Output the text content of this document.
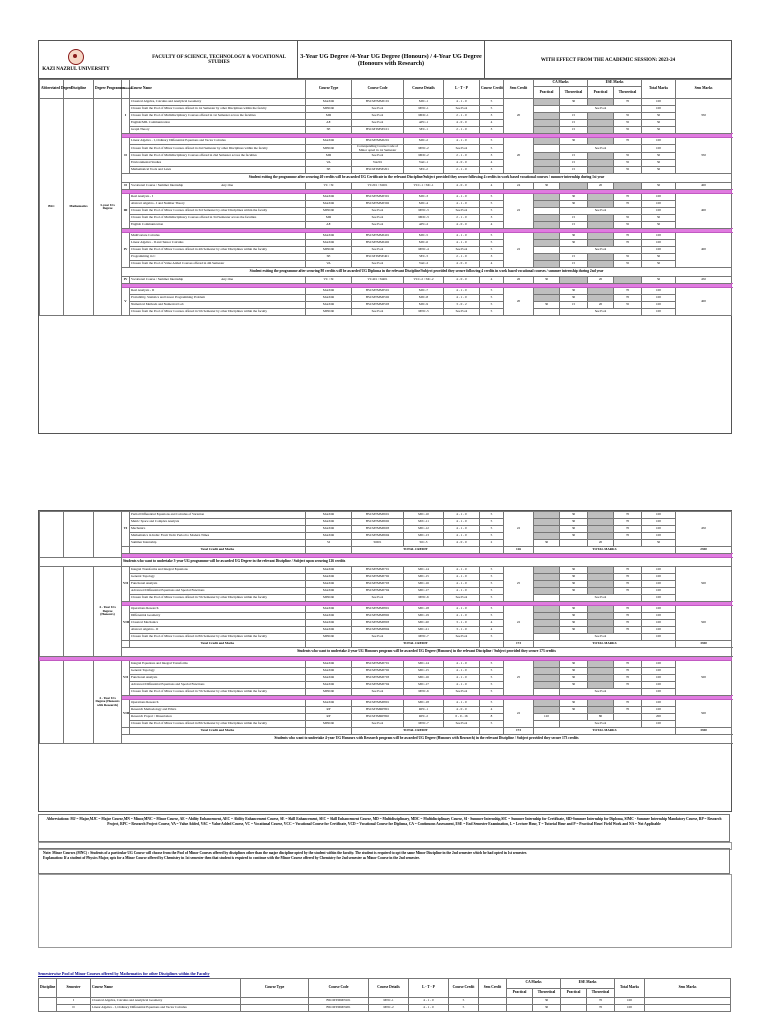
KAZI NAZRUL UNIVERSITY
FACULTY OF SCIENCE, TECHNOLOGY & VOCATIONAL STUDIES
3-Year UG Degree /4-Year UG Degree (Honours) / 4-Year UG Degree (Honours with Research)	WITH EFFECT FROM THE ACADEMIC SESSION: 2023-24
Abbreviated Degree	Discipline	Degree Programme	Semester	Course Name	Course Type	Course Code	Course Details	L - T - P	Course Credit	Sem Credit	CA Marks		ESE Marks		Total Marks	Sem Marks
											Practical	Theoretical	Practical	Theoretical		
BSC	Mathematics	3-year UG Degree	I	Classical Algebra, Calculus and Analytical Geometry	MAJOR	BSCMTMMJ101	MJC-1	4 - 1 - 0	5	20		30		70	100	350
				Chosen from the Pool of Minor Courses offered in 1st Semester by other Disciplines within the faculty	MINOR	See Pool	MNC-1	See Pool	5			See Pool			100	
				Chosen from the Pool of Multidisciplinary Courses offered in 1st Semester across the faculties	MD	See Pool	MDC-1	2 - 1 - 0	3			15		35	50	
				English/MIL Communication	AE	See Pool	AEC-1	4 - 0 - 0	4			15		35	50	
				Graph Theory	SE	BSCMTMSE101	SEC-1	2 - 1 - 0	3			15		35	50	

			II	Linear Algebra - I, Ordinary Differential Equations and Vector Calculus	MAJOR	BSCMTMMJ201	MJC-2	4 - 1 - 0	5	20		30		70	100	350
				Chosen from the Pool of Minor Courses offered in 2nd Semester by other Disciplines within the faculty	MINOR	Corresponding Course Code of Minor opted in 1st Semester	MNC-2	See Pool	5			See Pool			100	
				Chosen from the Pool of Multidisciplinary Courses offered in 2nd Semester across the faculties	MD	See Pool	MDC-2	2 - 1 - 0	3			15		35	50	
				Environmental Studies	VA	VA201	VAC-1	4 - 0 - 0	4			15		35	50	
				Mathematical Tools and Latex	SE	BSCMTMSE201	SEC-2	2 - 1 - 0	3			15		35	50	
			Student exiting the programme after securing 40 credits will be awarded UG Certificate in the relevant Discipline/Subject provided they secure following 4 credits in work based vocational courses / summer internship during 1st year													
			II	Vocational Course / Summer Internship Any One	VC / SI	VC201 / SI201	VCC-1 / SIC-1	4 - 0 - 0	4	24	30		20		50	400

			III	Real Analysis - I	MAJOR	BSCMTMMJ301	MJC-3	4 - 1 - 0	5	22		30		70	100	400
				Abstract Algebra - I and Number Theory	MAJOR	BSCMTMMJ302	MJC-4	4 - 1 - 0	5			30		70	100	
				Chosen from the Pool of Minor Courses offered in 3rd Semester by other Disciplines within the faculty	MINOR	See Pool	MNC-3	See Pool	5			See Pool			100	
				Chosen from the Pool of Multidisciplinary Courses offered in 3rd Semester across the faculties	MD	See Pool	MDC-3	2 - 1 - 0	3			15		35	50	
				English Communication	AE	See Pool	AEC-2	4 - 0 - 0	4			15		35	50	

			IV	Multivariate Calculus	MAJOR	BSCMTMMJ401	MJC-5	4 - 1 - 0	5	22		30		70	100	400
				Linear Algebra - II and Tensor Calculus	MAJOR	BSCMTMMJ402	MJC-6	4 - 1 - 0	5			30		70	100	
				Chosen from the Pool of Minor Courses offered in 4th Semester by other Disciplines within the faculty	MINOR	See Pool	MNC-4	See Pool	5			See Pool			100	
				Programming in C	SE	BSCMTMSE401	SEC-3	2 - 1 - 0	3			15		35	50	
				Chosen from the Pool of Value Added Courses offered in 4th Semester	VA	See Pool	VAC-2	4 - 0 - 0	4			15		35	50	
			Student exiting the programme after securing 80 credits will be awarded UG Diploma in the relevant Discipline/Subject provided they secure following 4 credits in work based vocational courses / summer internship during 2nd year													
			IV	Vocational Course / Summer Internship Any One	VC / SI	VC401 / SI401	VCC-2 / SIC-2	4 - 0 - 0	4	26	30		20		50	450

			V	Real Analysis - II	MAJOR	BSCMTMMJ501	MJC-7	4 - 1 - 0	5	20		30		70	100	400
				Probability, Statistics and Linear Programming Problem	MAJOR	BSCMTMMJ502	MJC-8	4 - 1 - 0	5			30		70	100	
				Numerical Methods and Numerical Lab	MAJOR	BSCMTMMJ503	MJC-9	3 - 0 - 2	5		30	15	20	35	100	
				Chosen from the Pool of Minor Courses offered in 5th Semester by other Disciplines within the faculty	MINOR	See Pool	MNC-5	See Pool	5			See Pool			100	
			VI	Partial Differential Equations and Calculus of Variation	MAJOR	BSCMTMMJ601	MJC-10	4 - 1 - 0	5	22		30		70	100	450
				Metric Space and Complex Analysis	MAJOR	BSCMTMMJ602	MJC-11	4 - 1 - 0	5			30		70	100	
				Mechanics	MAJOR	BSCMTMMJ603	MJC-12	4 - 1 - 0	5			30		70	100	
				Mathematics in India: From Vedic Period to Modern Times	MAJOR	BSCMTMMJ604	MJC-13	4 - 1 - 0	5			30		70	100	
				Summer Internship	SI	SI601	SIC-3	4 - 0 - 0	2		30		20		50	
				Total Credit and Marks		TOTAL CREDIT				126	TOTAL MARKS					2350

			Students who want to undertake 3-year UG programme will be awarded UG Degree in the relevant Discipline / Subject upon securing 126 credits													
		4 - Year UG Degree (Honours)	VII	Integral Transforms and Integral Equations	MAJOR	BSCMTMMJ701	MJC-14	4 - 1 - 0	5	25		30		70	100	500
				General Topology	MAJOR	BSCMTMMJ702	MJC-15	4 - 1 - 0	5			30		70	100	
				Functional Analysis	MAJOR	BSCMTMMJ703	MJC-16	4 - 1 - 0	5			30		70	100	
				Advanced Differential Equations and Special Functions	MAJOR	BSCMTMMJ704	MJC-17	4 - 1 - 0	5			30		70	100	
				Chosen from the Pool of Minor Courses offered in 7th Semester by other Disciplines within the faculty	MINOR	See Pool	MNC-6	See Pool	5			See Pool			100	

			VIII	Operations Research	MAJOR	BSCMTMMJ801	MJC-18	4 - 1 - 0	5	22		30		70	100	500
				Differential Geometry	MAJOR	BSCMTMMJ802	MJC-19	4 - 1 - 0	5			30		70	100	
				Classical Mechanics	MAJOR	BSCMTMMJ803	MJC-20	3 - 1 - 0	4			30		70	100	
				Abstract Algebra - II	MAJOR	BSCMTMMJ804	MJC-21	3 - 1 - 0	4			30		70	100	
				Chosen from the Pool of Minor Courses offered in 8th Semester by other Disciplines within the faculty	MINOR	See Pool	MNC-7	See Pool	5			See Pool			100	
				Total Credit and Marks		TOTAL CREDIT				173	TOTAL MARKS					3350
			Students who want to undertake 4-year UG Honours program will be awarded UG Degree (Honours) in the relevant Discipline / Subject provided they secure 173 credits													

		4 - Year UG Degree (Honours with Research)	VII	Integral Equations and Integral Transforms	MAJOR	BSCMTMMJ701	MJC-14	4 - 1 - 0	5	25		30		70	100	500
				General Topology	MAJOR	BSCMTMMJ702	MJC-15	4 - 1 - 0	5			30		70	100	
				Functional Analysis	MAJOR	BSCMTMMJ703	MJC-16	4 - 1 - 0	5			30		70	100	
				Advanced Differential Equations and Special Functions	MAJOR	BSCMTMMJ704	MJC-17	4 - 1 - 0	5			30		70	100	
				Chosen from the Pool of Minor Courses offered in 7th Semester by other Disciplines within the faculty	MINOR	See Pool	MNC-6	See Pool	5			See Pool			100	

			VIII	Operations Research	MAJOR	BSCMTMMJ801	MJC-18	4 - 1 - 0	5	22		30		70	100	500
				Research Methodology and Ethics	RP	BSCMTMRP801	RPC-1	4 - 0 - 0	4			30		70	100	
				Research Project / Dissertation	RP	BSCMTMRP802	RPC-2	0 - 0 - 16	8		120		80		200	
				Chosen from the Pool of Minor Courses offered in 8th Semester by other Disciplines within the faculty	MINOR	See Pool	MNC-7	See Pool	5			See Pool			100	
				Total Credit and Marks		TOTAL CREDIT				173	TOTAL MARKS					3350
			Students who want to undertake 4-year UG Honours with Research program will be awarded UG Degree (Honours with Research) in the relevant Discipline / Subject provided they secure 173 credits													
Abbreviations: MJ = Major,MJC = Major Course,MN = Minor,MNC = Minor Course, AE = Ability Enhancement, AEC = Ability Enhancement Course, SE = Skill Enhancement, SEC = Skill Enhancement Course, MD = Multidisciplinary, MDC = Multidisciplinary Course, SI - Summer Internship,SIC = Summer Internship for Certificate, SID-Summer Internship for Diploma, SIMC - Summer Internship Mandatory Course, RP = Research Project, RPC = Research Project Course, VA = Value Added, VAC = Value Added Course, VC = Vocational Course, VCC = Vocational Course for Certificate, VCD = Vocational Course for Diploma, CA = Continuous Assessment, ESE = End Semester Examination, L = Lecture Hour, T = Tutorial Hour and P = Practical Hour/ Field Work and NA = Not Applicable
Note: Minor Courses (MNC) : Students of a particular UG Course will choose from the Pool of Minor Courses offered by disciplines other than the major discipline opted by the student within the faculty. The student is required to opt the same Minor Discipline in the 2nd semester which he had opted in 1st semester.
Explanation: If a student of Physics Major, opts for a Minor Course offered by Chemistry in 1st semester then that student is required to continue with the Minor Course offered by Chemistry for 2nd semester as Minor Course in the 2nd semester.
Semesterwise Pool of Minor Courses offered by Mathematics for other Disciplines within the Faculty
Discipline	Semester	Course Name	Course Type	Course Code	Course Details	L - T - P	Course Credit	Sem Credit	CA Marks		ESE Marks		Total Marks	Sem Marks
									Practical	Theoretical	Practical	Theoretical		
	I	Classical Algebra, Calculus and Analytical Geometry		BSCMTMMN101	MNC-1	4 - 1 - 0	5			30		70	100	
	II	Linear Algebra - I, Ordinary Differential Equations and Vector Calculus		BSCMTMMN201	MNC-2	4 - 1 - 0	5			30		70	100	
